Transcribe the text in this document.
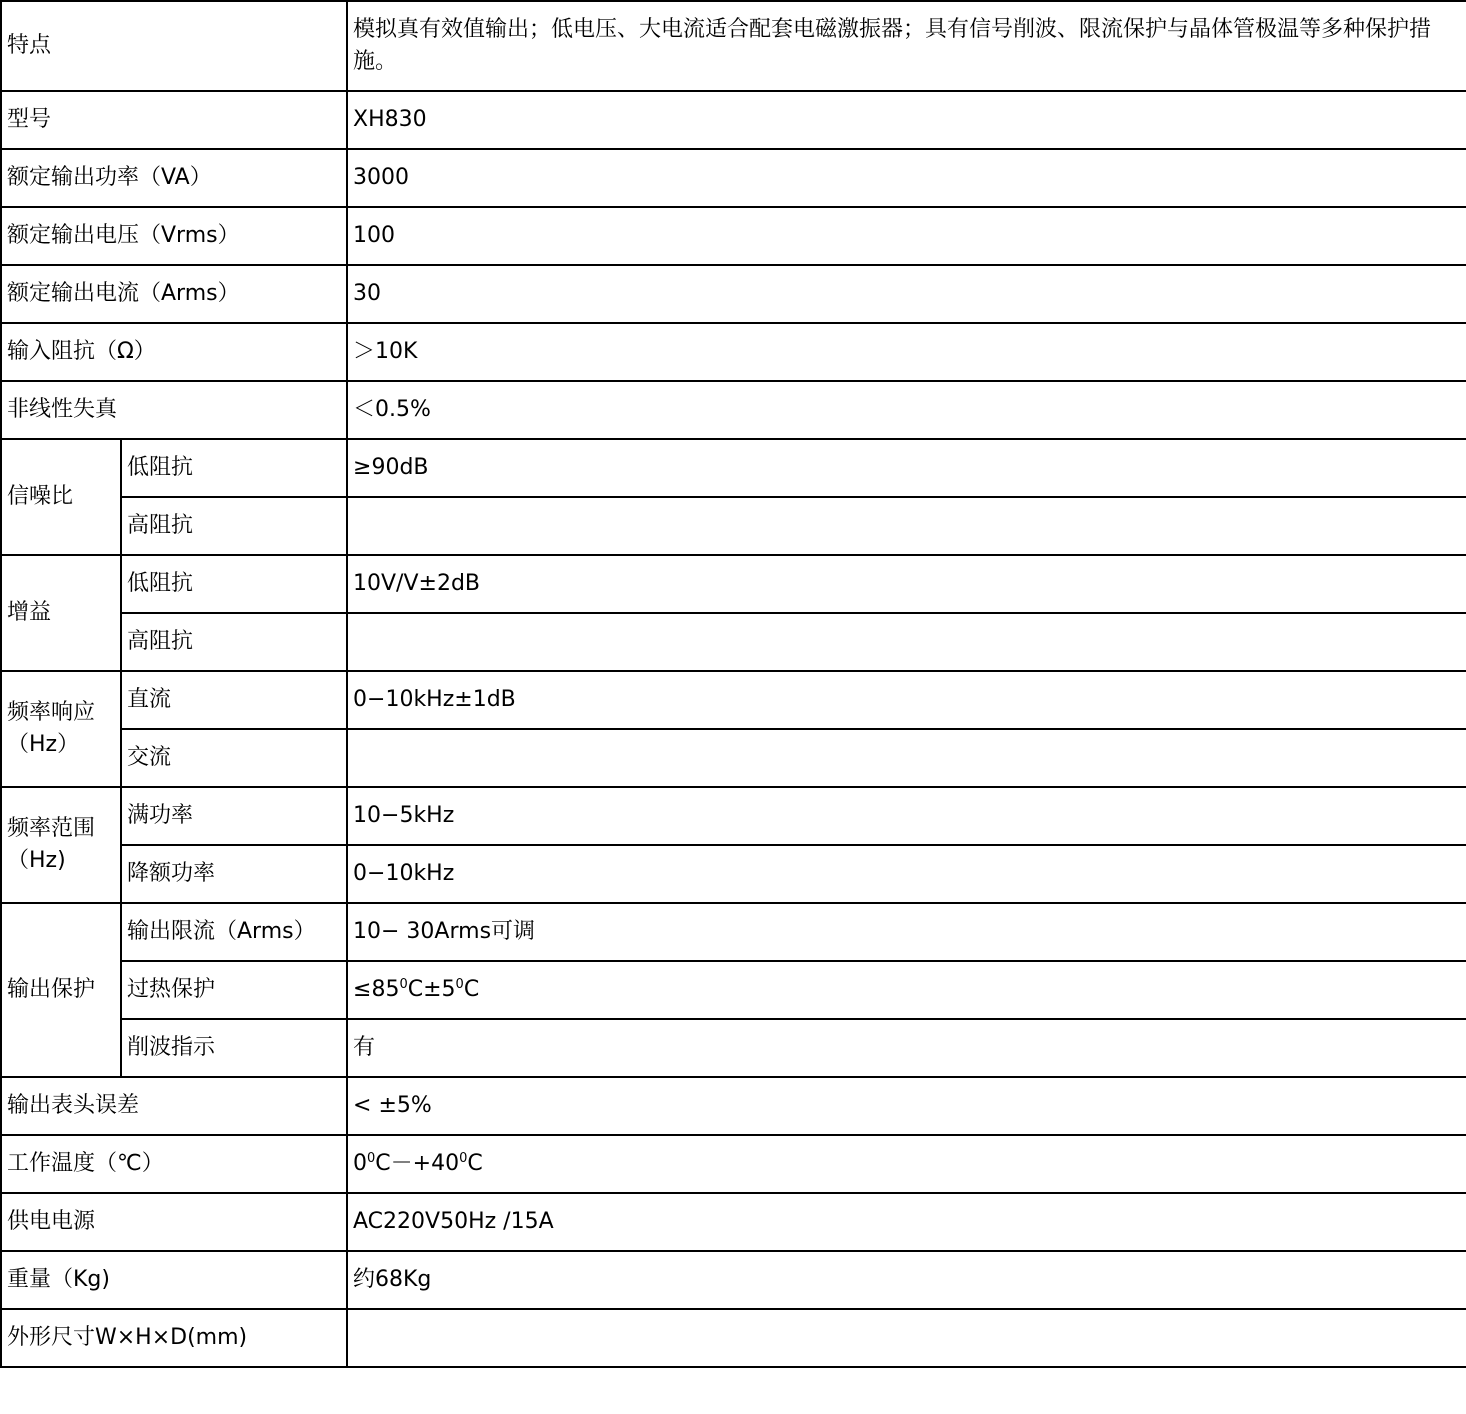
特点		模拟真有效值输出；低电压、大电流适合配套电磁激振器；具有信号削波、限流保护与晶体管极温等多种保护措施。
型号		XH830
额定输出功率（VA）		3000
额定输出电压（Vrms）		100
额定输出电流（Arms）		30
输入阻抗（Ω）		＞10K
非线性失真		＜0.5%
信噪比	低阻抗	≥90dB
	高阻抗	
增益	低阻抗	10V/V±2dB
	高阻抗	
频率响应
（Hz）	直流	0−10kHz±1dB
	交流	
频率范围
（Hz)	满功率	10−5kHz
	降额功率	0−10kHz
输出保护	输出限流（Arms）	10− 30Arms可调
	过热保护	$\le 85^0C\pm 5^0C$
	削波指示	有
输出表头误差		< ±5%
工作温度（℃）		$0^0C-+40^0C$
供电电源		AC220V50Hz /15A
重量（Kg)		约68Kg
外形尺寸W×H×D(mm)		
